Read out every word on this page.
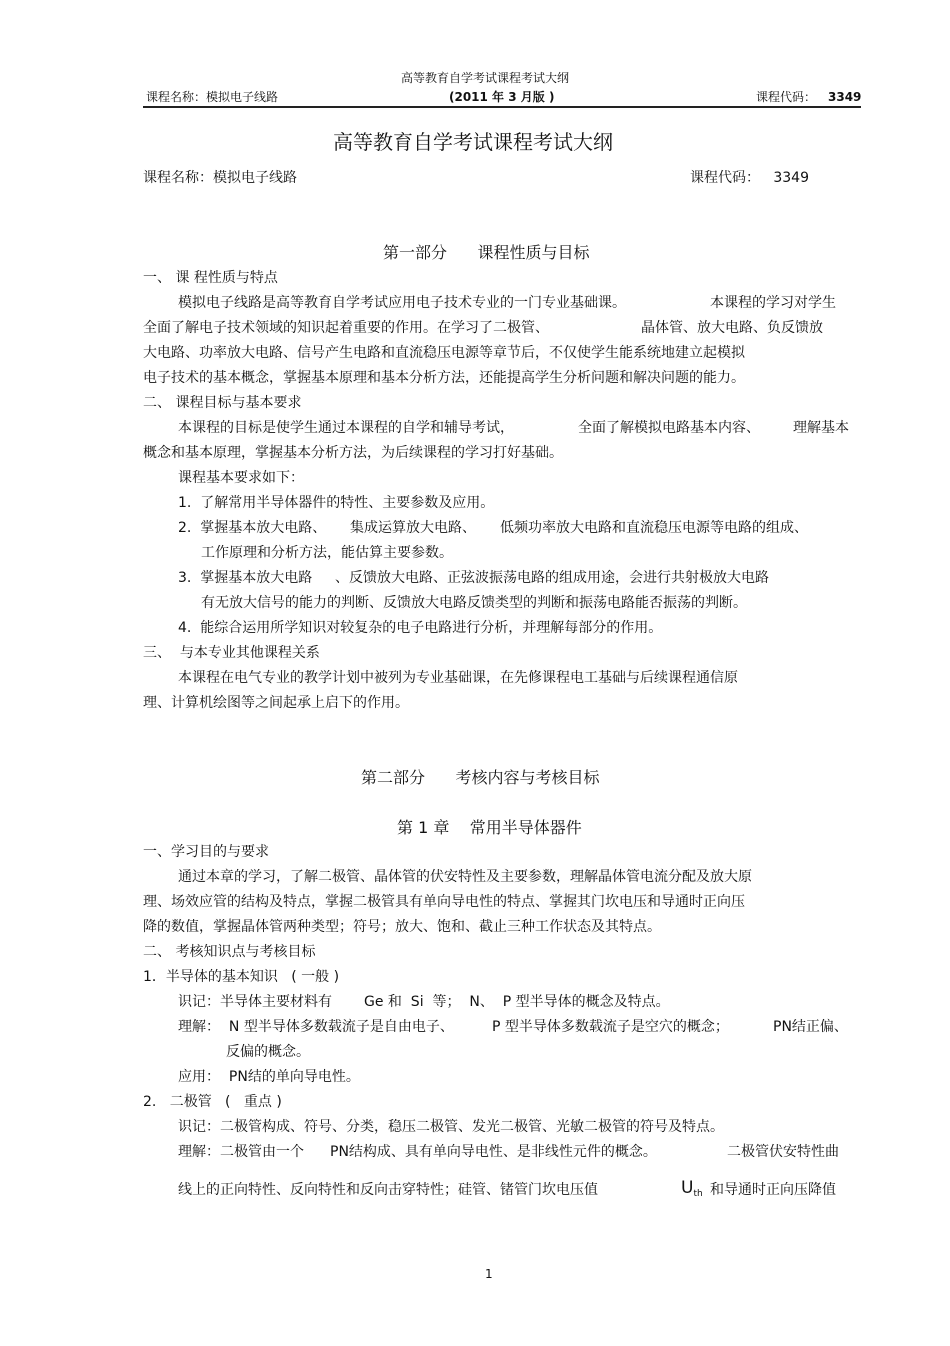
高等教育自学考试课程考试大纲
(2011 年 3 月版 )
课程名称：模拟电子线路	课程代码： 3349
高等教育自学考试课程考试大纲
课程名称：模拟电子线路	课程代码：   3349
第一部分      课程性质与目标
一、 课 程性质与特点
模拟电子线路是高等教育自学考试应用电子技术专业的一门专业基础课。	本课程的学习对学生
全面了解电子技术领域的知识起着重要的作用。在学习了二极管、	晶体管、放大电路、负反馈放
大电路、功率放大电路、信号产生电路和直流稳压电源等章节后，不仅使学生能系统地建立起模拟
电子技术的基本概念，掌握基本原理和基本分析方法，还能提高学生分析问题和解决问题的能力。
二、 课程目标与基本要求
本课程的目标是使学生通过本课程的自学和辅导考试，	全面了解模拟电路基本内容、 理解基本
概念和基本原理，掌握基本分析方法，为后续课程的学习打好基础。
课程基本要求如下：
1.  了解常用半导体器件的特性、主要参数及应用。
2.  掌握基本放大电路、 集成运算放大电路、 低频功率放大电路和直流稳压电源等电路的组成、
工作原理和分析方法，能估算主要参数。
3.  掌握基本放大电路 、反馈放大电路、正弦波振荡电路的组成用途，会进行共射极放大电路
有无放大信号的能力的判断、反馈放大电路反馈类型的判断和振荡电路能否振荡的判断。
4.  能综合运用所学知识对较复杂的电子电路进行分析，并理解每部分的作用。
三、  与本专业其他课程关系
本课程在电气专业的教学计划中被列为专业基础课，在先修课程电工基础与后续课程通信原
理、计算机绘图等之间起承上启下的作用。
第二部分      考核内容与考核目标
第 1 章    常用半导体器件
一、学习目的与要求
通过本章的学习，了解二极管、晶体管的伏安特性及主要参数，理解晶体管电流分配及放大原
理、场效应管的结构及特点，掌握二极管具有单向导电性的特点、掌握其门坎电压和导通时正向压
降的数值，掌握晶体管两种类型；符号；放大、饱和、截止三种工作状态及其特点。
二、 考核知识点与考核目标
1．半导体的基本知识   ( 一般 )
识记：半导体主要材料有 Ge 和  Si  等；  N、  P 型半导体的概念及特点。
理解：  N 型半导体多数载流子是自由电子、	P 型半导体多数载流子是空穴的概念；	PN结正偏、
反偏的概念。
应用：  PN结的单向导电性。
2.   二极管   (   重点 )
识记：二极管构成、符号、分类，稳压二极管、发光二极管、光敏二极管的符号及特点。
理解：二极管由一个 PN结构成、具有单向导电性、是非线性元件的概念。	二极管伏安特性曲
线上的正向特性、反向特性和反向击穿特性；硅管、锗管门坎电压值	$U_{th}$ 和导通时正向压降值
1
